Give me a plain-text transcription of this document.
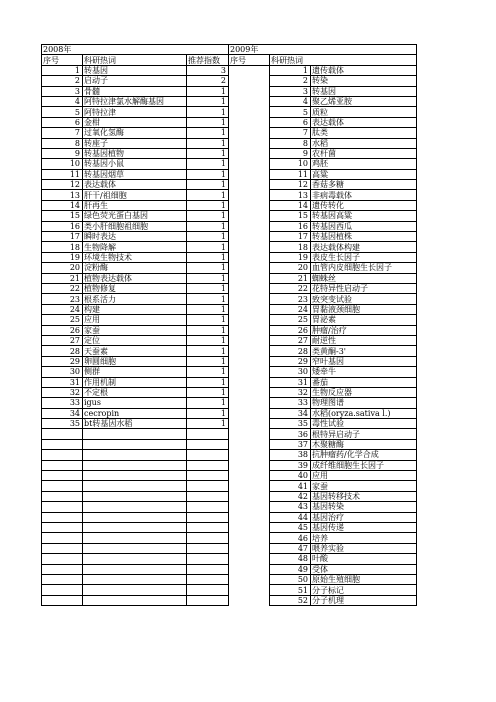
2008年			2009年		
序号	科研热词	推荐指数	序号	科研热词	
1	转基因	3		1	遗传载体
2	启动子	2		2	转染
3	骨髓	1		3	转基因
4	阿特拉津氯水解酶基因	1		4	聚乙烯亚胺
5	阿特拉津	1		5	质粒
6	金柑	1		6	表达载体
7	过氧化氢酶	1		7	肽类
8	转座子	1		8	水稻
9	转基因植物	1		9	农杆菌
10	转基因小鼠	1		10	鸡胚
11	转基因烟草	1		11	高粱
12	表达载体	1		12	香菇多糖
13	肝干/祖细胞	1		13	非病毒载体
14	肝再生	1		14	遗传转化
15	绿色荧光蛋白基因	1		15	转基因高粱
16	类小肝细胞祖细胞	1		16	转基因西瓜
17	瞬时表达	1		17	转基因植株
18	生物降解	1		18	表达载体构建
19	环境生物技术	1		19	表皮生长因子
20	淀粉酶	1		20	血管内皮细胞生长因子
21	植物表达载体	1		21	蜘蛛丝
22	植物修复	1		22	花特异性启动子
23	根系活力	1		23	致突变试验
24	构建	1		24	胃黏液颈细胞
25	应用	1		25	胃泌素
26	家蚕	1		26	肿瘤/治疗
27	定位	1		27	耐逆性
28	天蚕素	1		28	类黄酮-3'
29	卵圆细胞	1		29	窄叶基因
30	侧群	1		30	矮牵牛
31	作用机制	1		31	番茄
32	不定根	1		32	生物反应器
33	igus	1		33	物理图谱
34	cecropin	1		34	水稻(oryza.sativa l.)
35	bt转基因水稻	1		35	毒性试验
				36	根特异启动子
				37	木聚糖酶
				38	抗肿瘤药/化学合成
				39	成纤维细胞生长因子
				40	应用
				41	家蚕
				42	基因转移技术
				43	基因转染
				44	基因治疗
				45	基因传递
				46	培养
				47	喂养实验
				48	叶酸
				49	受体
				50	原始生殖细胞
				51	分子标记
				52	分子机理
